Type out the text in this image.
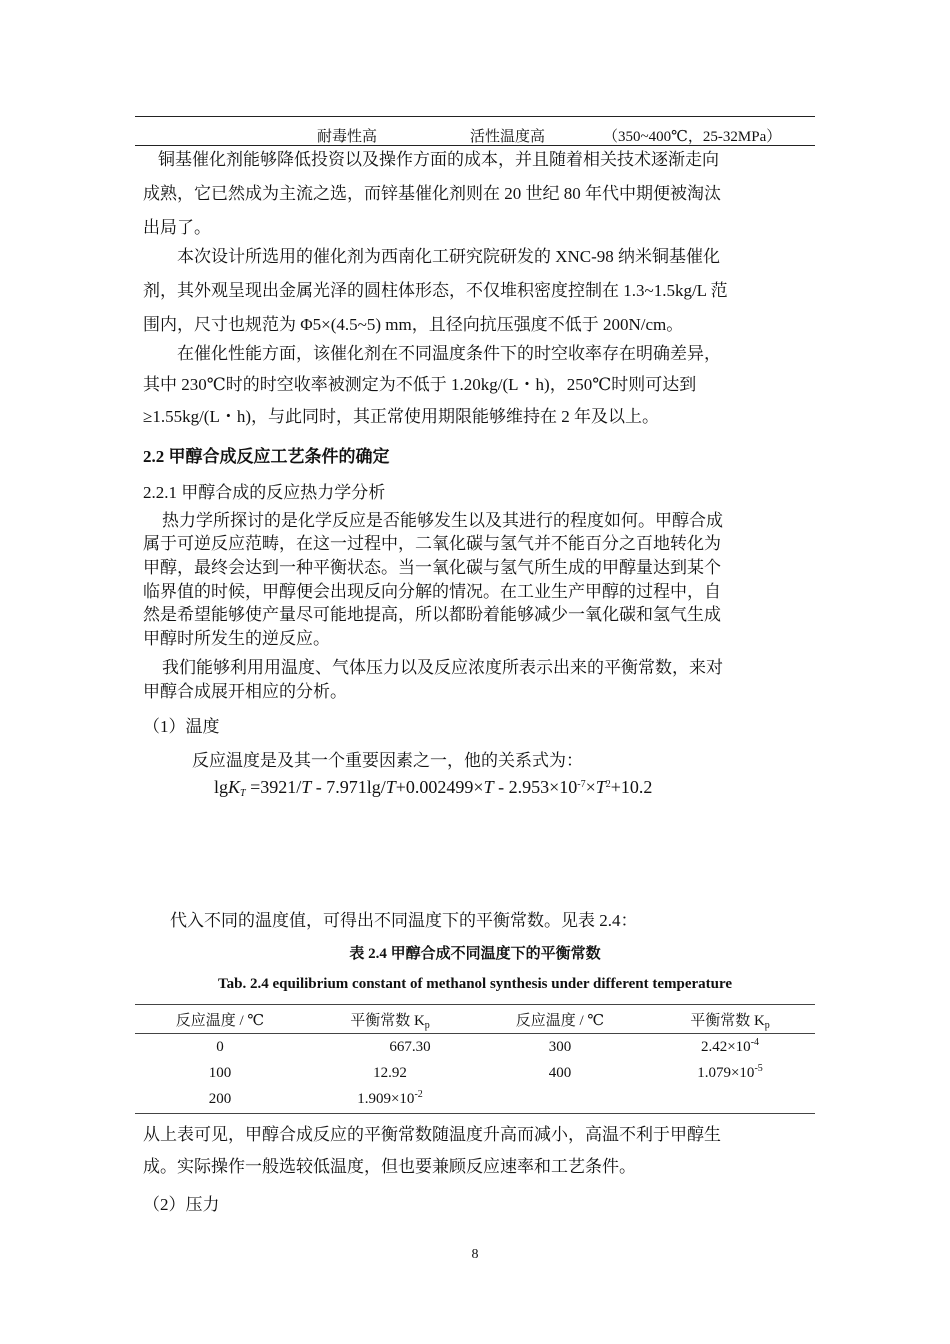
耐毒性高	活性温度高	（350~400℃，25-32MPa）
铜基催化剂能够降低投资以及操作方面的成本，并且随着相关技术逐渐走向
成熟，它已然成为主流之选，而锌基催化剂则在 20 世纪 80 年代中期便被淘汰
出局了。
本次设计所选用的催化剂为西南化工研究院研发的 XNC-98 纳米铜基催化
剂，其外观呈现出金属光泽的圆柱体形态，不仅堆积密度控制在 1.3~1.5kg/L 范
围内，尺寸也规范为 Φ5×(4.5~5) mm，且径向抗压强度不低于 200N/cm。
在催化性能方面，该催化剂在不同温度条件下的时空收率存在明确差异，
其中 230℃时的时空收率被测定为不低于 1.20kg/(L・h)，250℃时则可达到
≥1.55kg/(L・h)，与此同时，其正常使用期限能够维持在 2 年及以上。
2.2 甲醇合成反应工艺条件的确定
2.2.1 甲醇合成的反应热力学分析
热力学所探讨的是化学反应是否能够发生以及其进行的程度如何。甲醇合成
属于可逆反应范畴，在这一过程中，二氧化碳与氢气并不能百分之百地转化为
甲醇，最终会达到一种平衡状态。当一氧化碳与氢气所生成的甲醇量达到某个
临界值的时候，甲醇便会出现反向分解的情况。在工业生产甲醇的过程中，自
然是希望能够使产量尽可能地提高，所以都盼着能够减少一氧化碳和氢气生成
甲醇时所发生的逆反应。
我们能够利用用温度、气体压力以及反应浓度所表示出来的平衡常数，来对
甲醇合成展开相应的分析。
（1）温度
反应温度是及其一个重要因素之一，他的关系式为：
$\lg K_T =3921/T - 7.971\lg/T+0.002499\times T - 2.953\times 10^{-7}\times T^2+10.2$
代入不同的温度值，可得出不同温度下的平衡常数。见表 2.4：
表 2.4 甲醇合成不同温度下的平衡常数
Tab. 2.4 equilibrium constant of methanol synthesis under different temperature
反应温度 / ℃	平衡常数 $K_p$	反应温度 / ℃	平衡常数 $K_p$
0	667.30	300	$2.42\times 10^{-4}$
100	12.92	400	$1.079\times 10^{-5}$
200	$1.909\times 10^{-2}$		
从上表可见，甲醇合成反应的平衡常数随温度升高而减小，高温不利于甲醇生
成。实际操作一般选较低温度，但也要兼顾反应速率和工艺条件。
（2）压力
8
